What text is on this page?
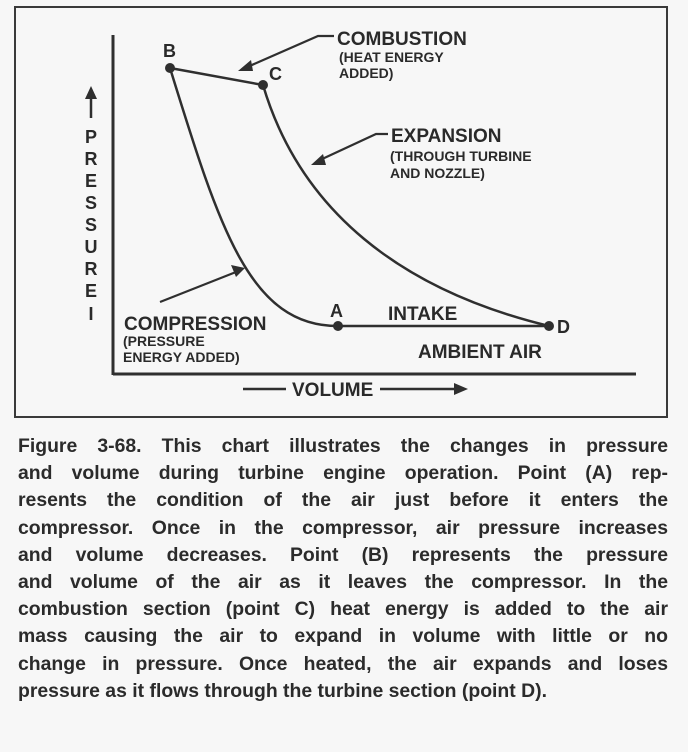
A
B
C
D
COMBUSTION
(HEAT ENERGY
ADDED)
EXPANSION
(THROUGH TURBINE
AND NOZZLE)
COMPRESSION
(PRESSURE
ENERGY ADDED)
INTAKE
AMBIENT AIR
P
R
E
S
S
U
R
E
I
VOLUME
Figure 3-68. This chart illustrates the changes in pressure
and volume during turbine engine operation. Point (A) rep-
resents the condition of the air just before it enters the
compressor. Once in the compressor, air pressure increases
and volume decreases. Point (B) represents the pressure
and volume of the air as it leaves the compressor. In the
combustion section (point C) heat energy is added to the air
mass causing the air to expand in volume with little or no
change in pressure. Once heated, the air expands and loses
pressure as it flows through the turbine section (point D).
